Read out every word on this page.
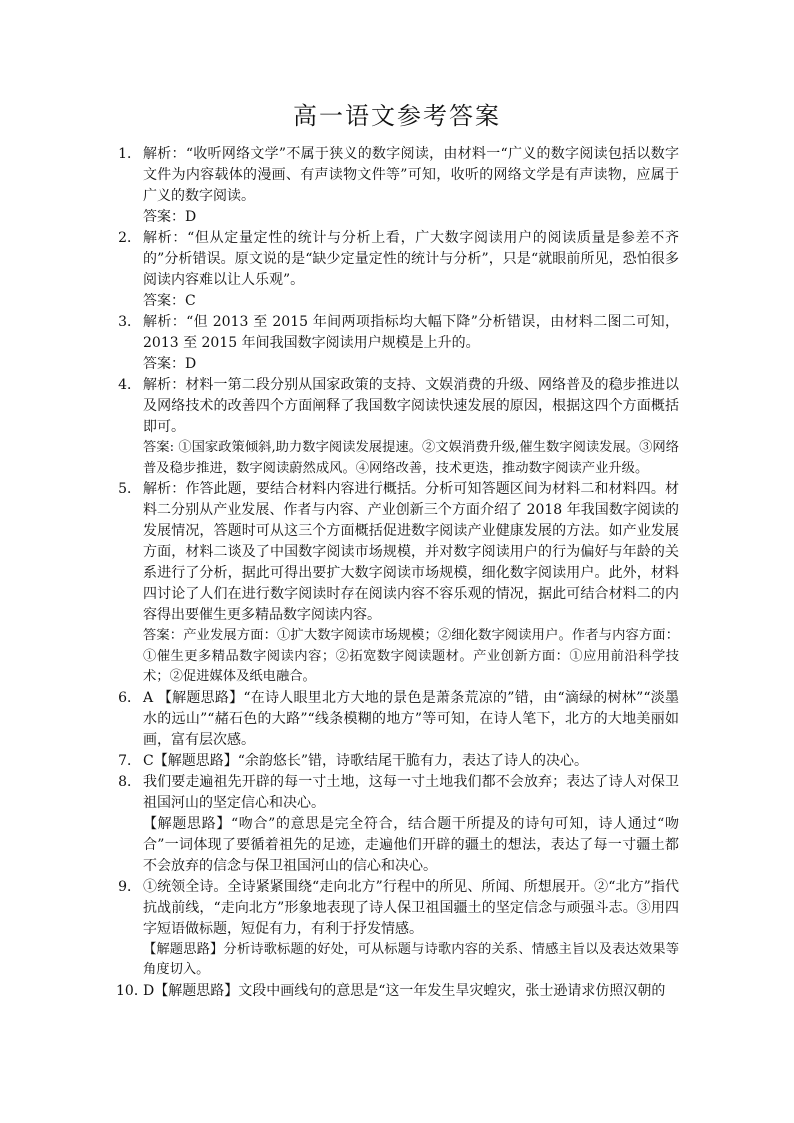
高一语文参考答案
1． 解析：“收听网络文学”不属于狭义的数字阅读，由材料一“广义的数字阅读包括以数字文件为内容载体的漫画、有声读物文件等”可知，收听的网络文学是有声读物，应属于广义的数字阅读。

答案：D

2． 解析：“但从定量定性的统计与分析上看，广大数字阅读用户的阅读质量是参差不齐的”分析错误。原文说的是“缺少定量定性的统计与分析”，只是“就眼前所见，恐怕很多阅读内容难以让人乐观”。

答案：C

3． 解析：“但 2013 至 2015 年间两项指标均大幅下降”分析错误，由材料二图二可知，2013 至 2015 年间我国数字阅读用户规模是上升的。

答案：D

4． 解析：材料一第二段分别从国家政策的支持、文娱消费的升级、网络普及的稳步推进以及网络技术的改善四个方面阐释了我国数字阅读快速发展的原因，根据这四个方面概括即可。

答案: ①国家政策倾斜,助力数字阅读发展提速。②文娱消费升级,催生数字阅读发展。③网络普及稳步推进，数字阅读蔚然成风。④网络改善，技术更迭，推动数字阅读产业升级。

5． 解析：作答此题，要结合材料内容进行概括。分析可知答题区间为材料二和材料四。材料二分别从产业发展、作者与内容、产业创新三个方面介绍了 2018 年我国数字阅读的发展情况，答题时可从这三个方面概括促进数字阅读产业健康发展的方法。如产业发展方面，材料二谈及了中国数字阅读市场规模，并对数字阅读用户的行为偏好与年龄的关系进行了分析，据此可得出要扩大数字阅读市场规模，细化数字阅读用户。此外，材料四讨论了人们在进行数字阅读时存在阅读内容不容乐观的情况，据此可结合材料二的内容得出要催生更多精品数字阅读内容。

答案：产业发展方面：①扩大数字阅读市场规模；②细化数字阅读用户。作者与内容方面：①催生更多精品数字阅读内容；②拓宽数字阅读题材。产业创新方面：①应用前沿科学技术；②促进媒体及纸电融合。

6． A 【解题思路】“在诗人眼里北方大地的景色是萧条荒凉的”错，由“滴绿的树林”“淡墨水的远山”“赭石色的大路”“线条模糊的地方”等可知，在诗人笔下，北方的大地美丽如画，富有层次感。

7． C【解题思路】“余韵悠长”错，诗歌结尾干脆有力，表达了诗人的决心。

8． 我们要走遍祖先开辟的每一寸土地，这每一寸土地我们都不会放弃；表达了诗人对保卫祖国河山的坚定信心和决心。

【解题思路】“吻合”的意思是完全符合，结合题干所提及的诗句可知，诗人通过“吻合”一词体现了要循着祖先的足迹，走遍他们开辟的疆土的想法，表达了每一寸疆土都不会放弃的信念与保卫祖国河山的信心和决心。

9． ①统领全诗。全诗紧紧围绕“走向北方”行程中的所见、所闻、所想展开。②“北方”指代抗战前线，“走向北方”形象地表现了诗人保卫祖国疆土的坚定信念与顽强斗志。③用四字短语做标题，短促有力，有利于抒发情感。

【解题思路】分析诗歌标题的好处，可从标题与诗歌内容的关系、情感主旨以及表达效果等角度切入。

10．

D【解题思路】文段中画线句的意思是“这一年发生旱灾蝗灾，张士逊请求仿照汉朝的
